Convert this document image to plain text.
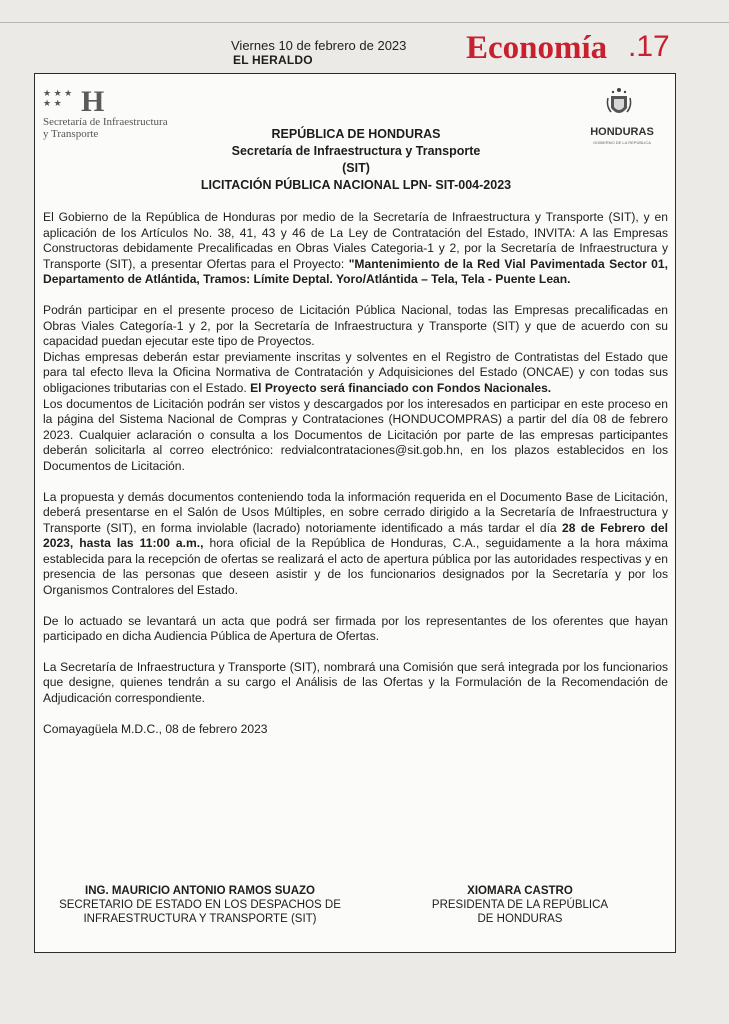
Viernes 10 de febrero de 2023
EL HERALDO	Economía .17
★ ★ ★
★ ★ H
Secretaría de Infraestructura
y Transporte	HONDURAS
GOBIERNO DE LA REPÚBLICA
REPÚBLICA DE HONDURAS
Secretaría de Infraestructura y Transporte
(SIT)
LICITACIÓN PÚBLICA NACIONAL LPN- SIT-004-2023

El Gobierno de la República de Honduras por medio de la Secretaría de Infraestructura y Transporte (SIT), y en aplicación de los Artículos No. 38, 41, 43 y 46 de La Ley de Contratación del Estado, INVITA: A las Empresas Constructoras debidamente Precalificadas en Obras Viales Categoria-1 y 2, por la Secretaría de Infraestructura y Transporte (SIT), a presentar Ofertas para el Proyecto: "Mantenimiento de la Red Vial Pavimentada Sector 01, Departamento de Atlántida, Tramos: Límite Deptal. Yoro/Atlántida – Tela, Tela - Puente Lean.

Podrán participar en el presente proceso de Licitación Pública Nacional, todas las Empresas precalificadas en Obras Viales Categoría-1 y 2, por la Secretaría de Infraestructura y Transporte (SIT) y que de acuerdo con su capacidad puedan ejecutar este tipo de Proyectos.

Dichas empresas deberán estar previamente inscritas y solventes en el Registro de Contratistas del Estado que para tal efecto lleva la Oficina Normativa de Contratación y Adquisiciones del Estado (ONCAE) y con todas sus obligaciones tributarias con el Estado. El Proyecto será financiado con Fondos Nacionales.

Los documentos de Licitación podrán ser vistos y descargados por los interesados en participar en este proceso en la página del Sistema Nacional de Compras y Contrataciones (HONDUCOMPRAS) a partir del día 08 de febrero 2023. Cualquier aclaración o consulta a los Documentos de Licitación por parte de las empresas participantes deberán solicitarla al correo electrónico: redvialcontrataciones@sit.gob.hn, en los plazos establecidos en los Documentos de Licitación.

La propuesta y demás documentos conteniendo toda la información requerida en el Documento Base de Licitación, deberá presentarse en el Salón de Usos Múltiples, en sobre cerrado dirigido a la Secretaría de Infraestructura y Transporte (SIT), en forma inviolable (lacrado) notoriamente identificado a más tardar el día 28 de Febrero del 2023, hasta las 11:00 a.m., hora oficial de la República de Honduras, C.A., seguidamente a la hora máxima establecida para la recepción de ofertas se realizará el acto de apertura pública por las autoridades respectivas y en presencia de las personas que deseen asistir y de los funcionarios designados por la Secretaría y por los Organismos Contralores del Estado.

De lo actuado se levantará un acta que podrá ser firmada por los representantes de los oferentes que hayan participado en dicha Audiencia Pública de Apertura de Ofertas.

La Secretaría de Infraestructura y Transporte (SIT), nombrará una Comisión que será integrada por los funcionarios que designe, quienes tendrán a su cargo el Análisis de las Ofertas y la Formulación de la Recomendación de Adjudicación correspondiente.

Comayagüela M.D.C., 08 de febrero 2023

ING. MAURICIO ANTONIO RAMOS SUAZO
SECRETARIO DE ESTADO EN LOS DESPACHOS DE
INFRAESTRUCTURA Y TRANSPORTE (SIT)
XIOMARA CASTRO
PRESIDENTA DE LA REPÚBLICA
DE HONDURAS
